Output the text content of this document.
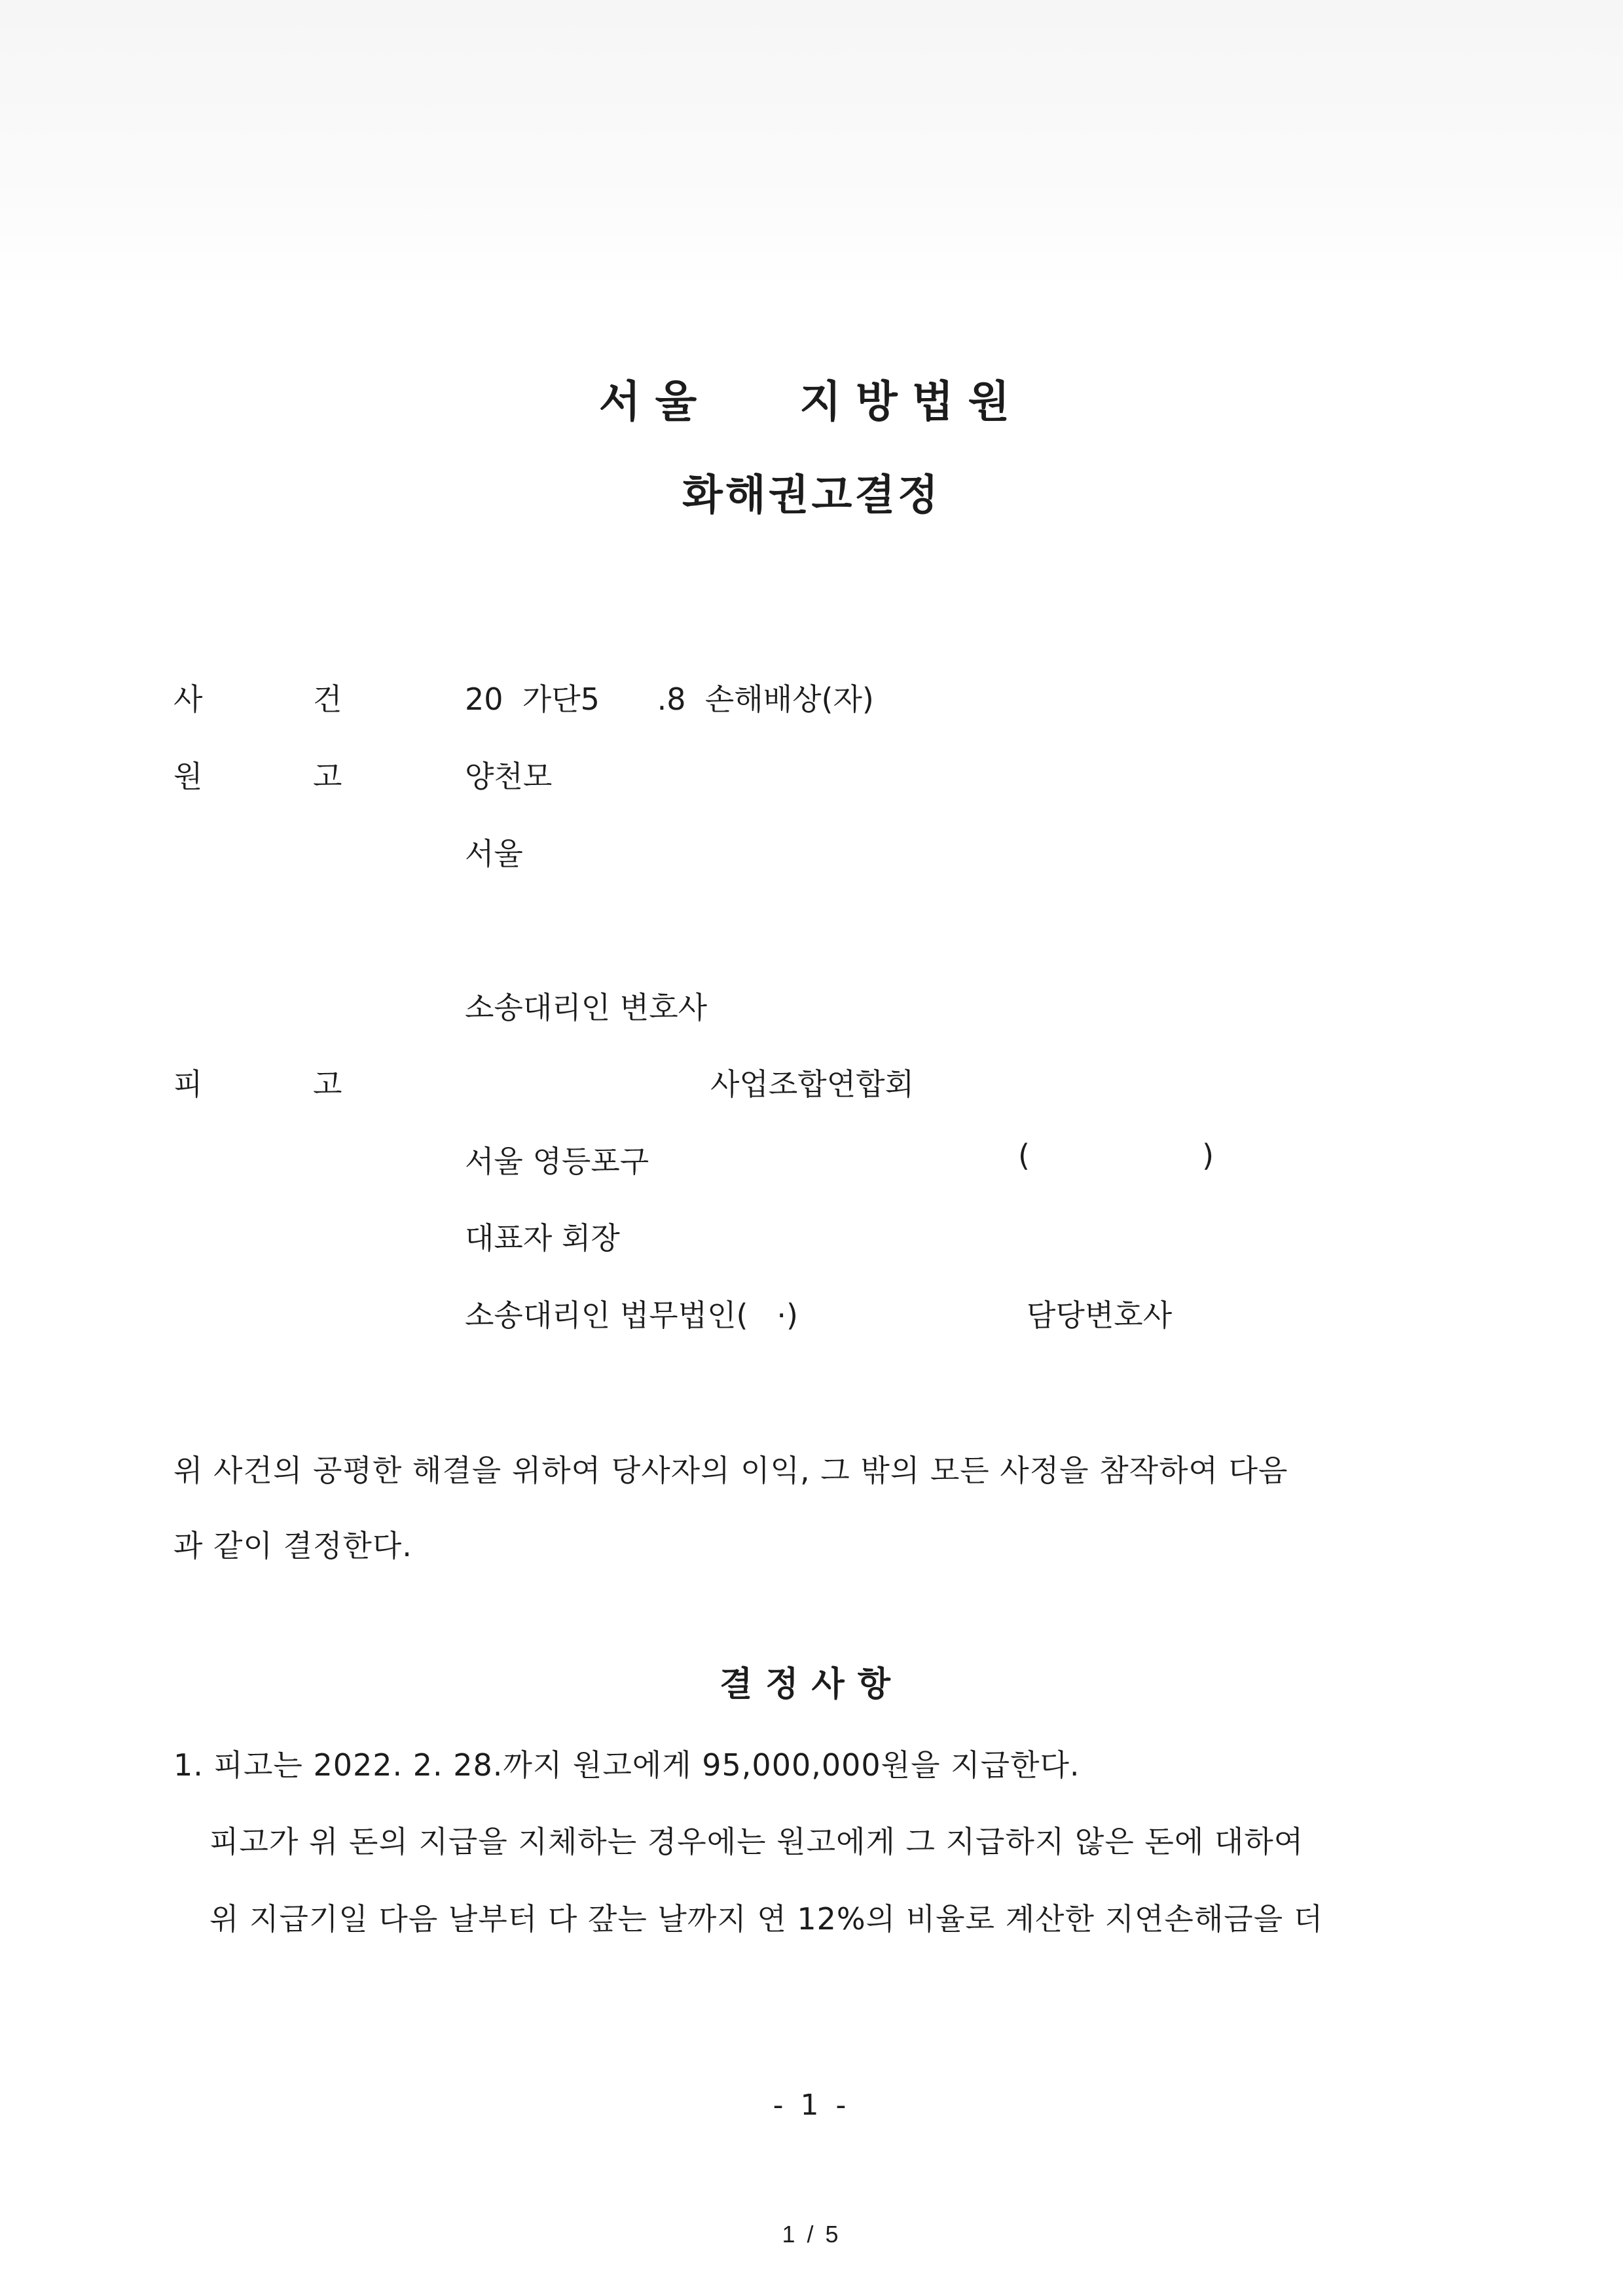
서울   지방법원
화해권고결정
사	건	20  가단5      .8  손해배상(자)
원	고	양천모
서울
소송대리인 변호사
피	고	사업조합연합회
서울 영등포구	(                  )
대표자 회장
소송대리인 법무법인(   ·)	담당변호사
위 사건의 공평한 해결을 위하여 당사자의 이익, 그 밖의 모든 사정을 참작하여 다음
과 같이 결정한다.
결정사항
1. 피고는 2022. 2. 28.까지 원고에게 95,000,000원을 지급한다.
피고가 위 돈의 지급을 지체하는 경우에는 원고에게 그 지급하지 않은 돈에 대하여
위 지급기일 다음 날부터 다 갚는 날까지 연 12%의 비율로 계산한 지연손해금을 더
- 1 -
1 / 5
